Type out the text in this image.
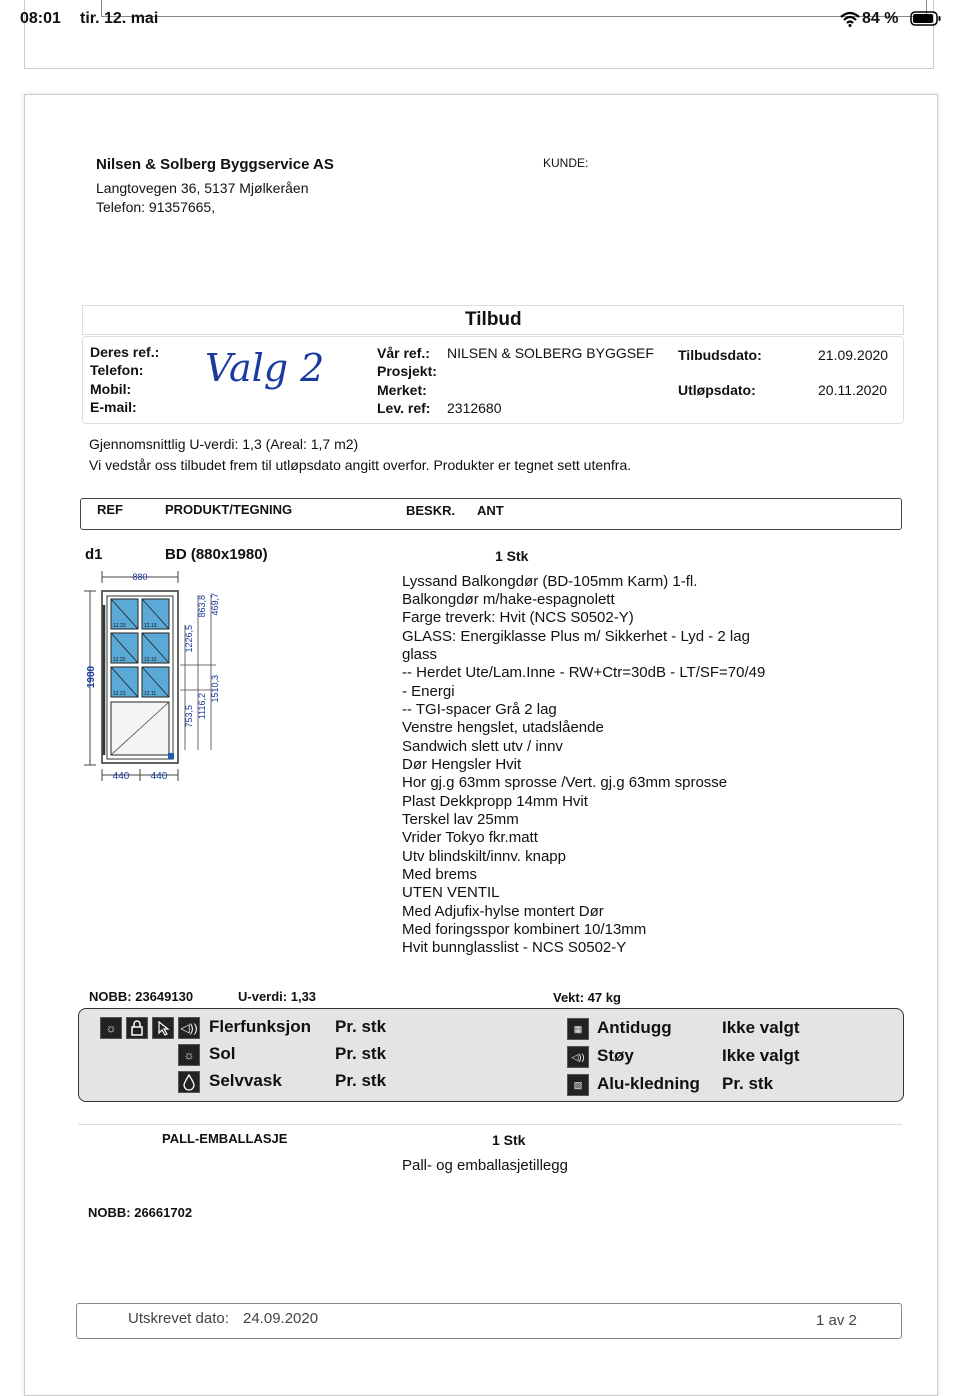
08:01 tir. 12. mai	84 %
Nilsen & Solberg Byggservice AS
Langtovegen 36, 5137 Mjølkeråen
Telefon: 91357665,
KUNDE:
Tilbud
Deres ref.:
Telefon:
Mobil:
E-mail:
Valg 2	Vår ref.: NILSEN & SOLBERG BYGGSEF
Prosjekt:
Merket:
Lev. ref: 2312680
Tilbudsdato:	21.09.2020
Utløpsdato:	20.11.2020
Gjennomsnittlig U-verdi: 1,3 (Areal: 1,7 m2)
Vi vedstår oss tilbudet frem til utløpsdato angitt overfor. Produkter er tegnet sett utenfra.
REF	PRODUKT/TEGNING	BESKR. ANT
d1	BD (880x1980)	1 Stk
880
1980
12.23	12.13
12.22	12.12
12.21	12.11
1226,5
863,8 469,7
753,5 1116,2
1510,3
440 440
Lyssand Balkongdør (BD-105mm Karm) 1-fl.
Balkongdør m/hake-espagnolett
Farge treverk: Hvit (NCS S0502-Y)
GLASS: Energiklasse Plus m/ Sikkerhet - Lyd - 2 lag
glass
-- Herdet Ute/Lam.Inne - RW+Ctr=30dB - LT/SF=70/49
- Energi
-- TGI-spacer Grå 2 lag
Venstre hengslet, utadslående
Sandwich slett utv / innv
Dør Hengsler Hvit
Hor gj.g 63mm sprosse /Vert. gj.g 63mm sprosse
Plast Dekkpropp 14mm Hvit
Terskel lav 25mm
Vrider Tokyo fkr.matt
Utv blindskilt/innv. knapp
Med brems
UTEN VENTIL
Med Adjufix-hylse montert Dør
Med foringsspor kombinert 10/13mm
Hvit bunnglasslist - NCS S0502-Y
NOBB: 23649130	U-verdi: 1,33	Vekt: 47 kg
☼	◁)) Flerfunksjon Pr. stk
☼ Sol	Pr. stk
Selvvask	Pr. stk
▦ Antidugg	Ikke valgt
◁)) Støy	Ikke valgt
▧ Alu-kledning Pr. stk
PALL-EMBALLASJE	1 Stk
Pall- og emballasjetillegg
NOBB: 26661702
Utskrevet dato: 24.09.2020	1 av 2
